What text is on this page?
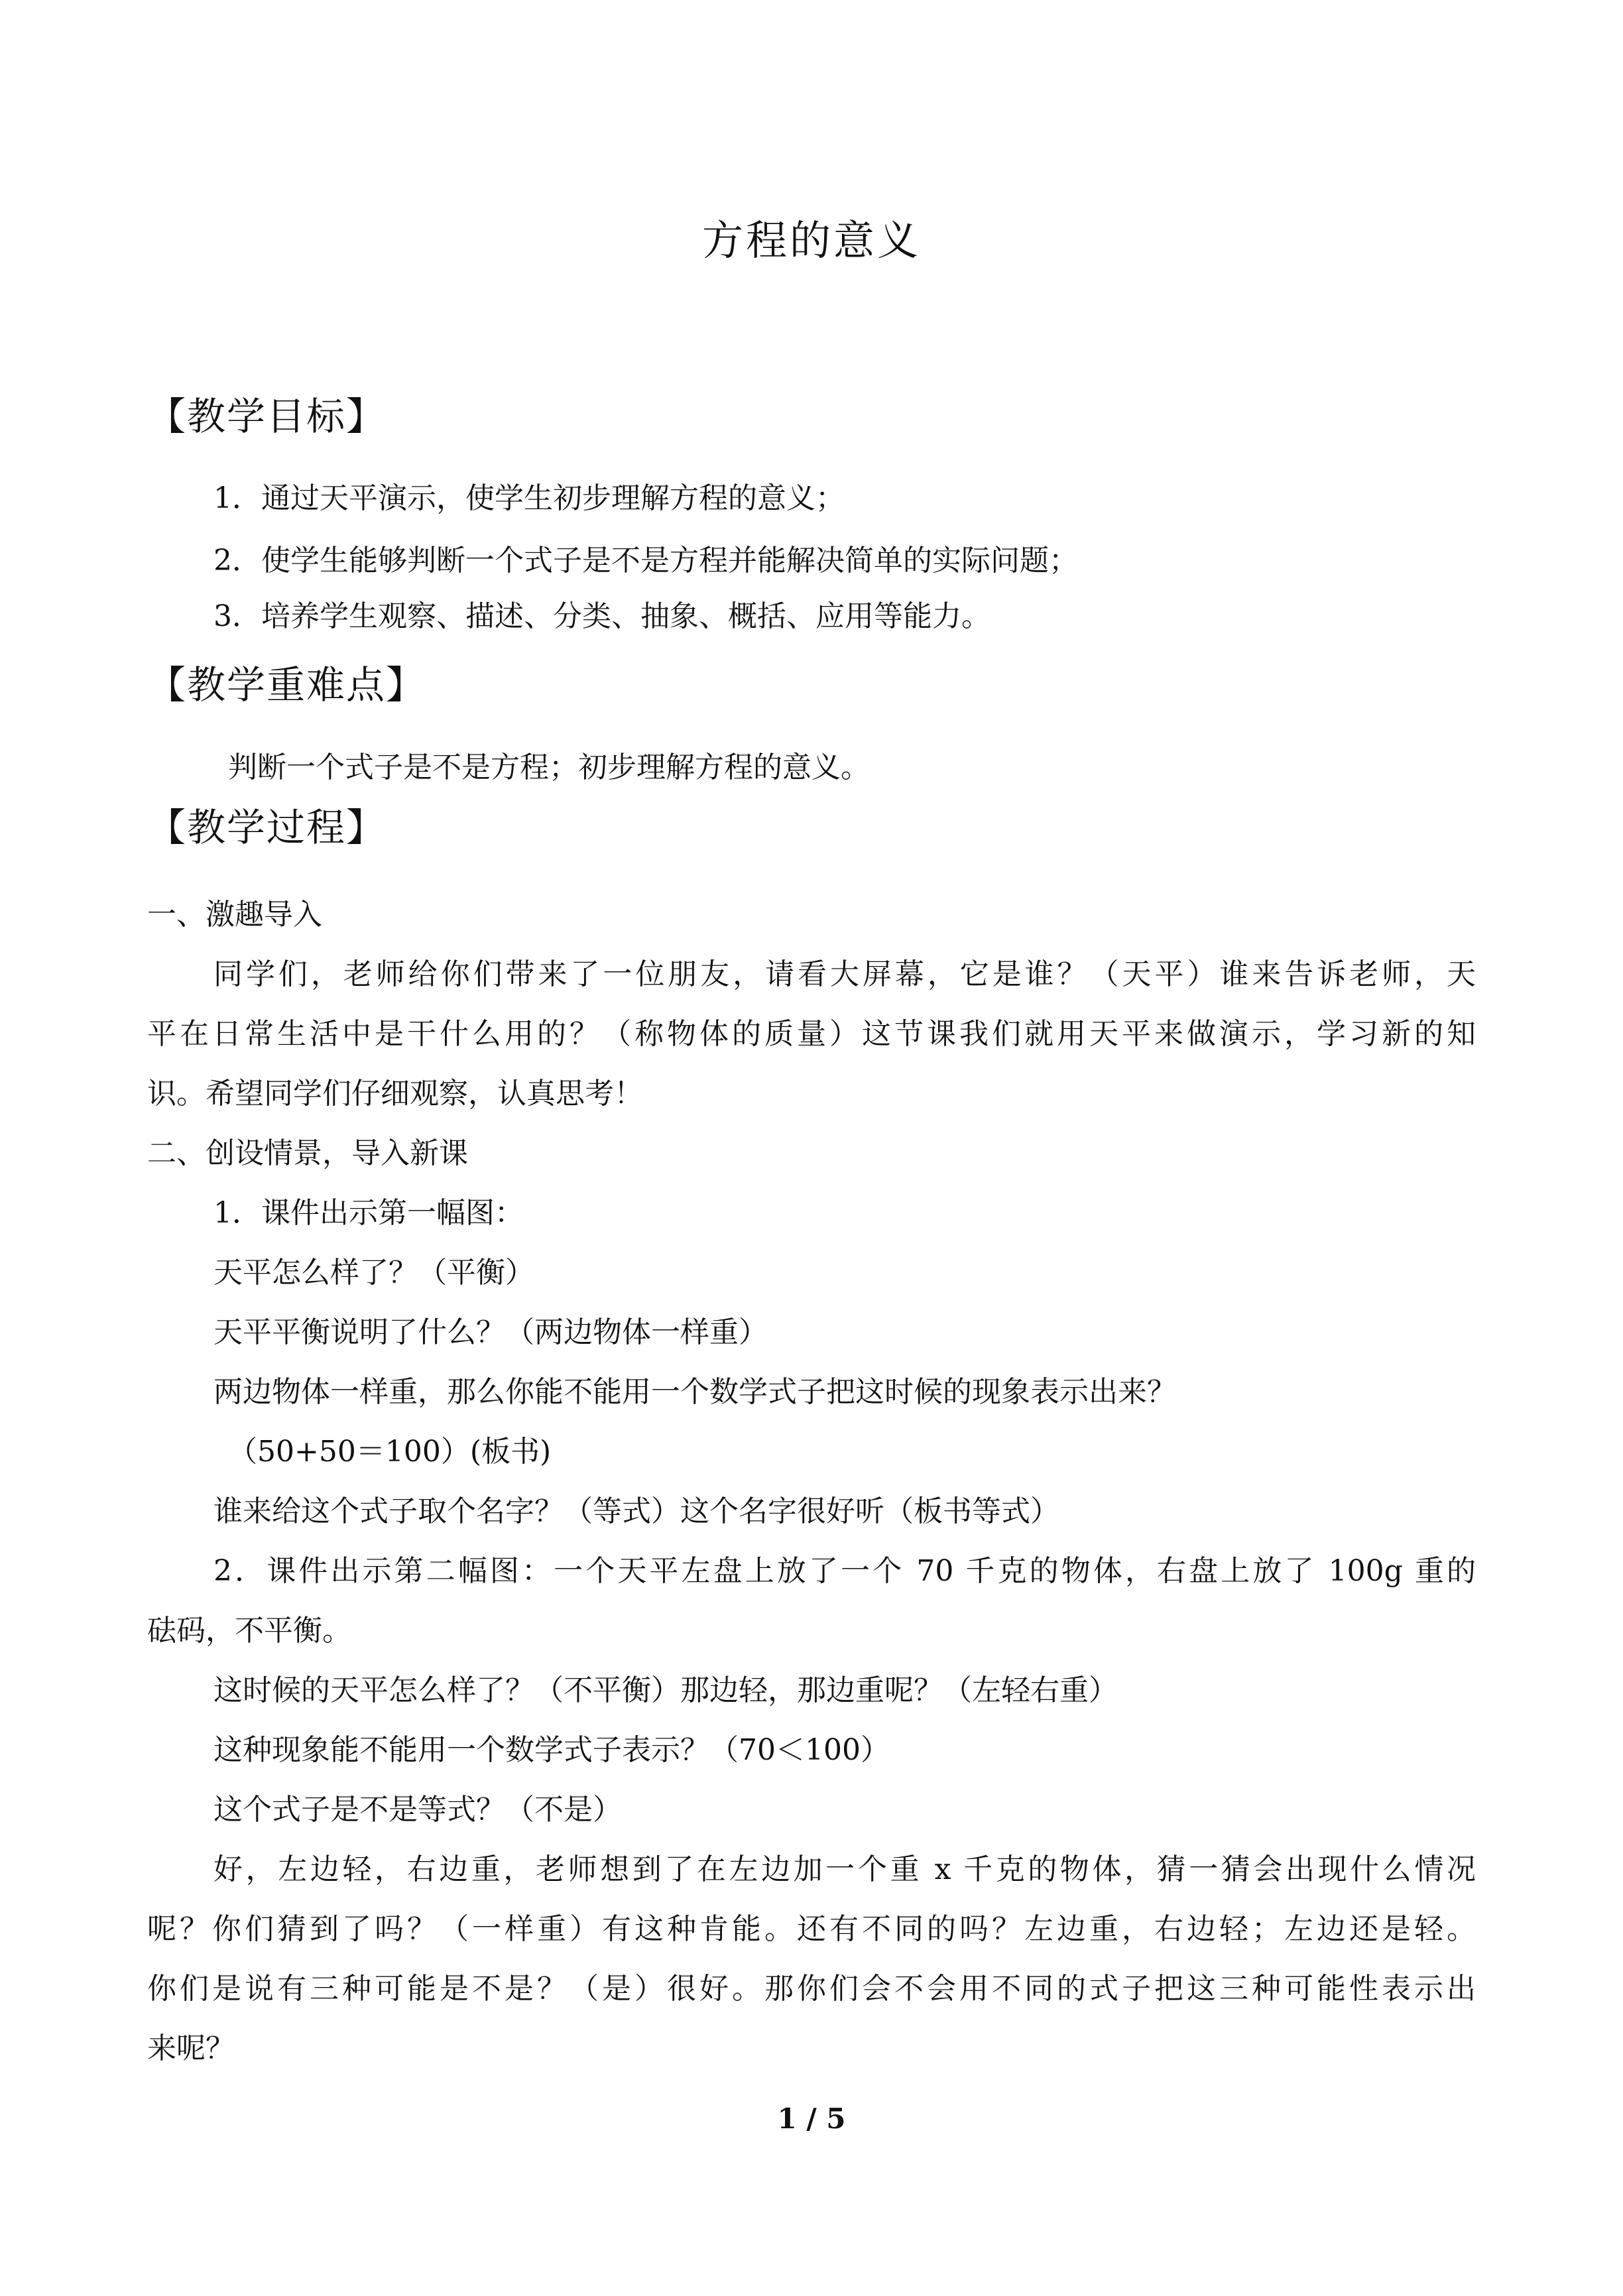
方程的意义
【教学目标】
1．通过天平演示，使学生初步理解方程的意义；
2．使学生能够判断一个式子是不是方程并能解决简单的实际问题；
3．培养学生观察、描述、分类、抽象、概括、应用等能力。
【教学重难点】
判断一个式子是不是方程；初步理解方程的意义。
【教学过程】
一、激趣导入
同学们，老师给你们带来了一位朋友，请看大屏幕，它是谁？（天平）谁来告诉老师，天
平在日常生活中是干什么用的？（称物体的质量）这节课我们就用天平来做演示，学习新的知
识。希望同学们仔细观察，认真思考！
二、创设情景，导入新课
1．课件出示第一幅图：
天平怎么样了？（平衡）
天平平衡说明了什么？（两边物体一样重）
两边物体一样重，那么你能不能用一个数学式子把这时候的现象表示出来？
（50+50＝100）(板书)
谁来给这个式子取个名字？（等式）这个名字很好听（板书等式）
2．课件出示第二幅图：一个天平左盘上放了一个 70 千克的物体，右盘上放了 100g 重的
砝码，不平衡。
这时候的天平怎么样了？（不平衡）那边轻，那边重呢？（左轻右重）
这种现象能不能用一个数学式子表示？（70＜100）
这个式子是不是等式？（不是）
好，左边轻，右边重，老师想到了在左边加一个重 x 千克的物体，猜一猜会出现什么情况
呢？你们猜到了吗？（一样重）有这种肯能。还有不同的吗？左边重，右边轻；左边还是轻。
你们是说有三种可能是不是？（是）很好。那你们会不会用不同的式子把这三种可能性表示出
来呢？
1 / 5
